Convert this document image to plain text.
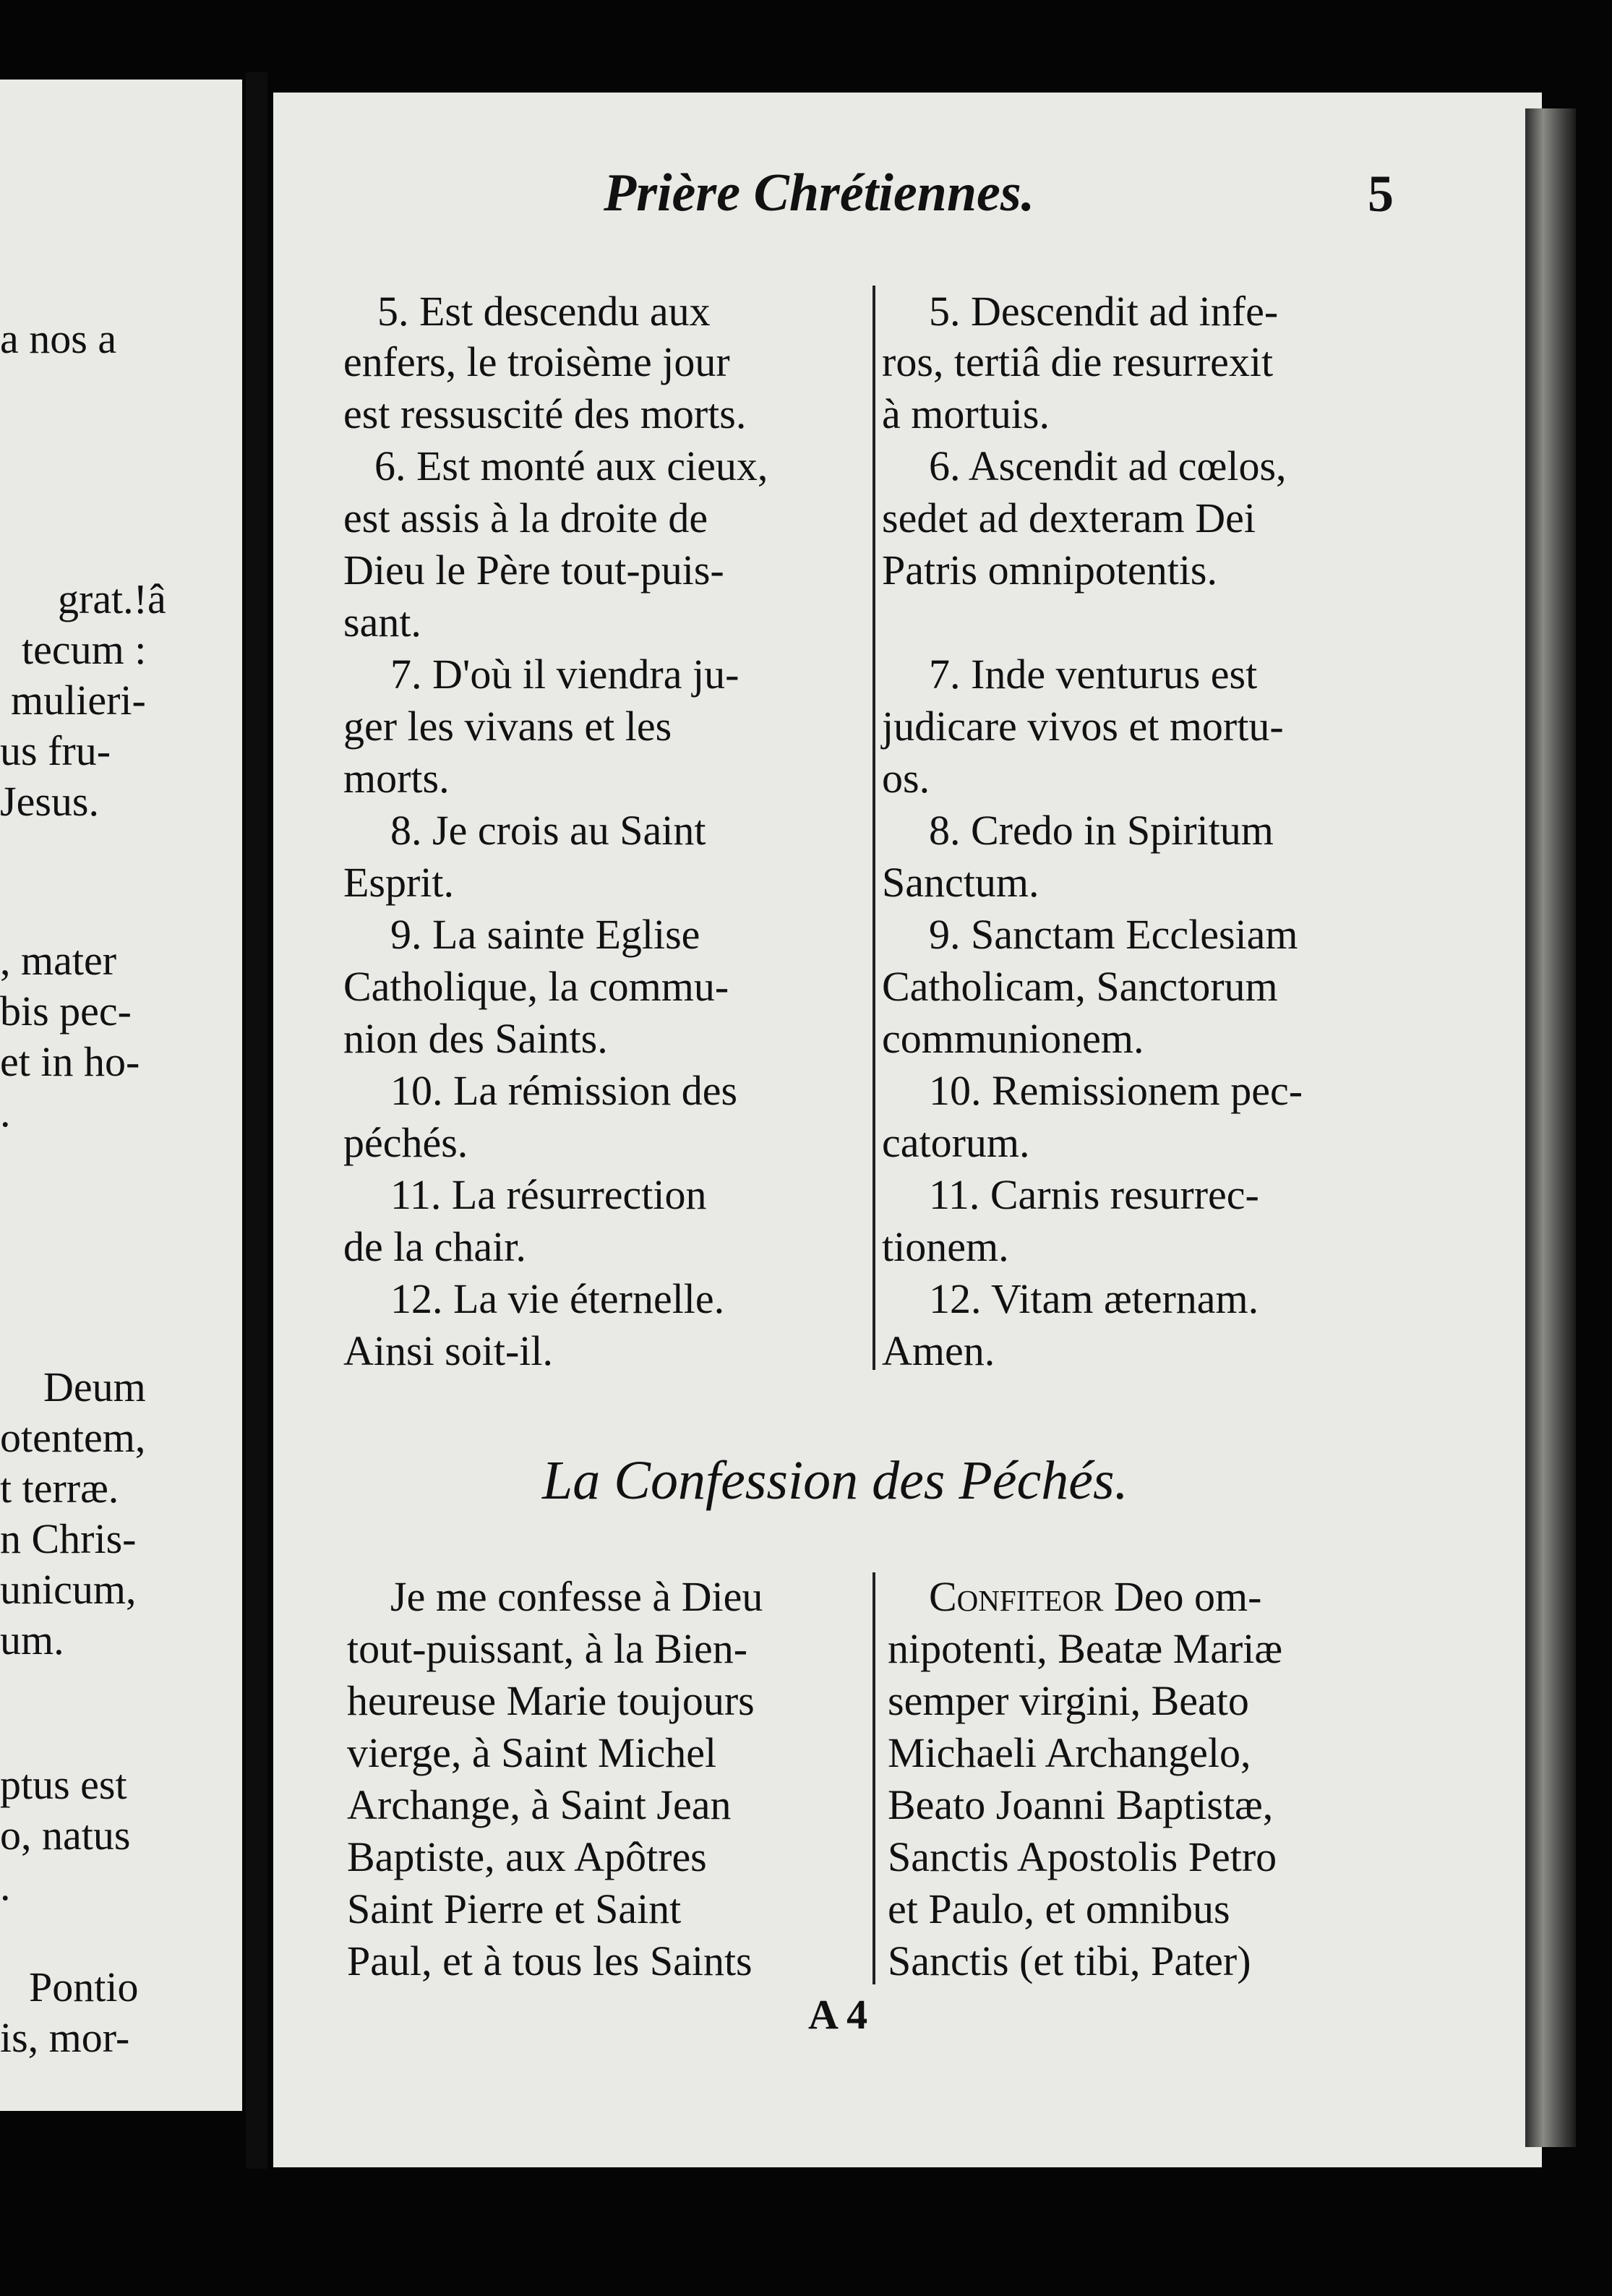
a nos a
grat.!â
tecum :
mulieri-
us fru-
Jesus.
, mater
bis pec-
et in ho-
.
Deum
otentem,
t terræ.
n Chris-
unicum,
um.
ptus est
o, natus
.
Pontio
is, mor-
Prière Chrétiennes.	5
5. Est descendu aux
enfers, le troisème jour
est ressuscité des morts.
6. Est monté aux cieux,
est assis à la droite de
Dieu le Père tout-puis-
sant.
7. D'où il viendra ju-
ger les vivans et les
morts.
8. Je crois au Saint
Esprit.
9. La sainte Eglise
Catholique, la commu-
nion des Saints.
10. La rémission des
péchés.
11. La résurrection
de la chair.
12. La vie éternelle.
Ainsi soit-il.
5. Descendit ad infe-
ros, tertiâ die resurrexit
à mortuis.
6. Ascendit ad cœlos,
sedet ad dexteram Dei
Patris omnipotentis.
7. Inde venturus est
judicare vivos et mortu-
os.
8. Credo in Spiritum
Sanctum.
9. Sanctam Ecclesiam
Catholicam, Sanctorum
communionem.
10. Remissionem pec-
catorum.
11. Carnis resurrec-
tionem.
12. Vitam æternam.
Amen.
La Confession des Péchés.
Je me confesse à Dieu
tout-puissant, à la Bien-
heureuse Marie toujours
vierge, à Saint Michel
Archange, à Saint Jean
Baptiste, aux Apôtres
Saint Pierre et Saint
Paul, et à tous les Saints
Confiteor Deo om-
nipotenti, Beatæ Mariæ
semper virgini, Beato
Michaeli Archangelo,
Beato Joanni Baptistæ,
Sanctis Apostolis Petro
et Paulo, et omnibus
Sanctis (et tibi, Pater)
A 4
